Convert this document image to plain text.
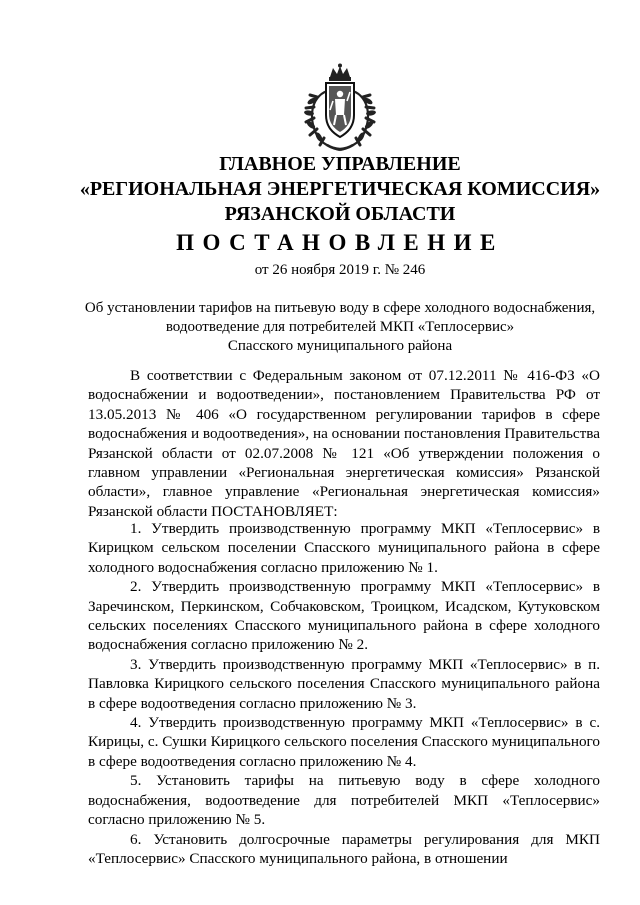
ГЛАВНОЕ УПРАВЛЕНИЕ
«РЕГИОНАЛЬНАЯ ЭНЕРГЕТИЧЕСКАЯ КОМИССИЯ»
РЯЗАНСКОЙ ОБЛАСТИ
ПОСТАНОВЛЕНИЕ
от 26 ноября 2019 г. № 246
Об установлении тарифов на питьевую воду в сфере холодного водоснабжения,
водоотведение для потребителей МКП «Теплосервис»
Спасского муниципального района

В соответствии с Федеральным законом от 07.12.2011 № 416-ФЗ «О водоснабжении и водоотведении», постановлением Правительства РФ от 13.05.2013 № 406 «О государственном регулировании тарифов в сфере водоснабжения и водоотведения», на основании постановления Правительства Рязанской области от 02.07.2008 № 121 «Об утверждении положения о главном управлении «Региональная энергетическая комиссия» Рязанской области», главное управление «Региональная энергетическая комиссия» Рязанской области ПОСТАНОВЛЯЕТ:

1. Утвердить производственную программу МКП «Теплосервис» в Кирицком сельском поселении Спасского муниципального района в сфере холодного водоснабжения согласно приложению № 1.

2. Утвердить производственную программу МКП «Теплосервис» в Заречинском, Перкинском, Собчаковском, Троицком, Исадском, Кутуковском сельских поселениях Спасского муниципального района в сфере холодного водоснабжения согласно приложению № 2.

3. Утвердить производственную программу МКП «Теплосервис» в п. Павловка Кирицкого сельского поселения Спасского муниципального района в сфере водоотведения согласно приложению № 3.

4. Утвердить производственную программу МКП «Теплосервис» в с. Кирицы, с. Сушки Кирицкого сельского поселения Спасского муниципального в сфере водоотведения согласно приложению № 4.

5. Установить тарифы на питьевую воду в сфере холодного водоснабжения, водоотведение для потребителей МКП «Теплосервис» согласно приложению № 5.

6. Установить долгосрочные параметры регулирования для МКП «Теплосервис» Спасского муниципального района, в отношении
